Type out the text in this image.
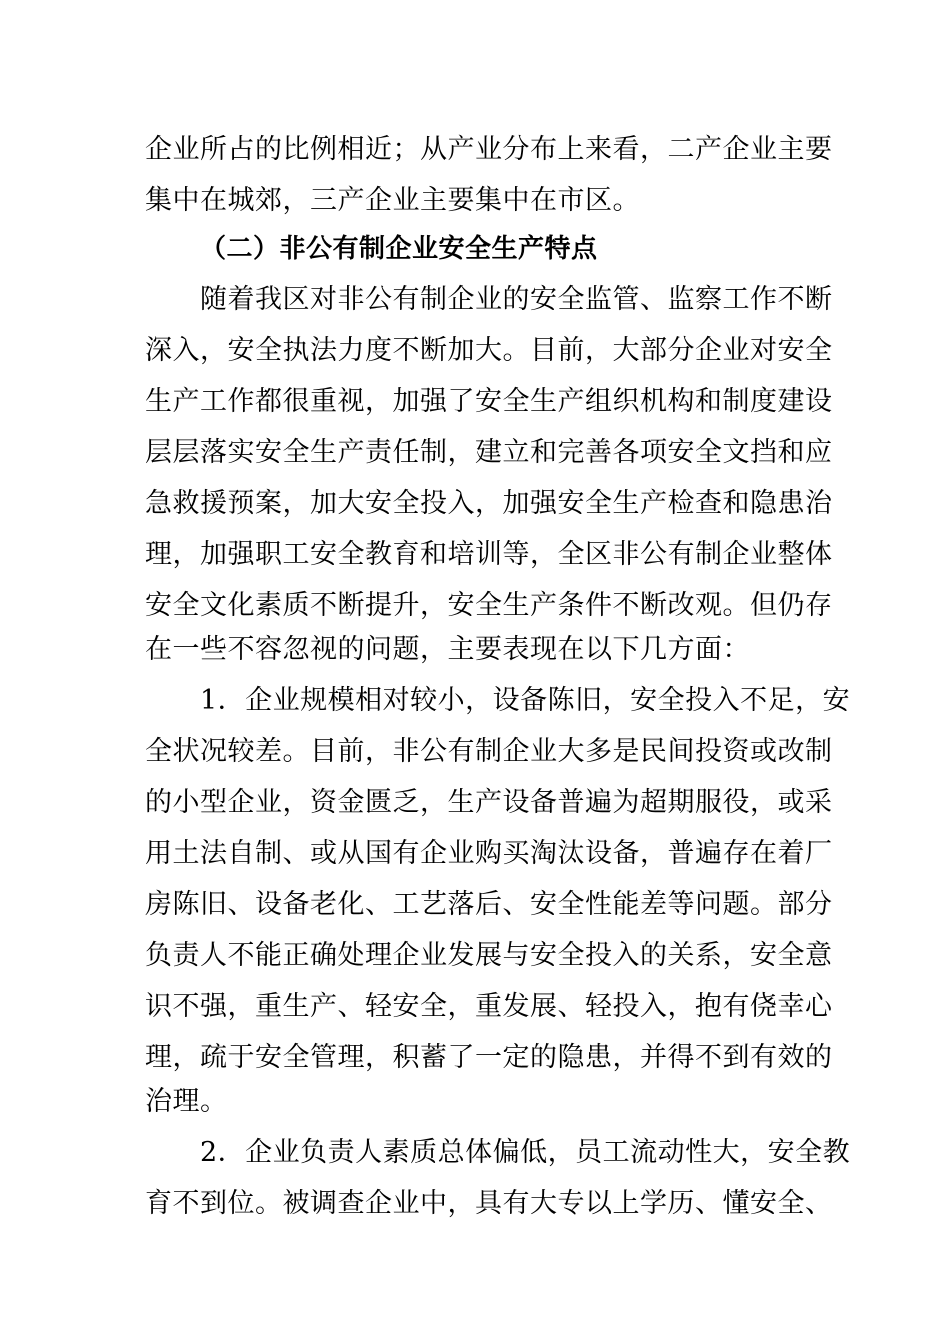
企业所占的比例相近；从产业分布上来看，二产企业主要
集中在城郊，三产企业主要集中在市区。
（二）非公有制企业安全生产特点
随着我区对非公有制企业的安全监管、监察工作不断
深入，安全执法力度不断加大。目前，大部分企业对安全
生产工作都很重视，加强了安全生产组织机构和制度建设
层层落实安全生产责任制，建立和完善各项安全文挡和应
急救援预案，加大安全投入，加强安全生产检查和隐患治
理，加强职工安全教育和培训等，全区非公有制企业整体
安全文化素质不断提升，安全生产条件不断改观。但仍存
在一些不容忽视的问题，主要表现在以下几方面：
1．企业规模相对较小，设备陈旧，安全投入不足，安
全状况较差。目前，非公有制企业大多是民间投资或改制
的小型企业，资金匮乏，生产设备普遍为超期服役，或采
用土法自制、或从国有企业购买淘汰设备，普遍存在着厂
房陈旧、设备老化、工艺落后、安全性能差等问题。部分
负责人不能正确处理企业发展与安全投入的关系，安全意
识不强，重生产、轻安全，重发展、轻投入，抱有侥幸心
理，疏于安全管理，积蓄了一定的隐患，并得不到有效的
治理。
2．企业负责人素质总体偏低，员工流动性大，安全教
育不到位。被调查企业中，具有大专以上学历、懂安全、
